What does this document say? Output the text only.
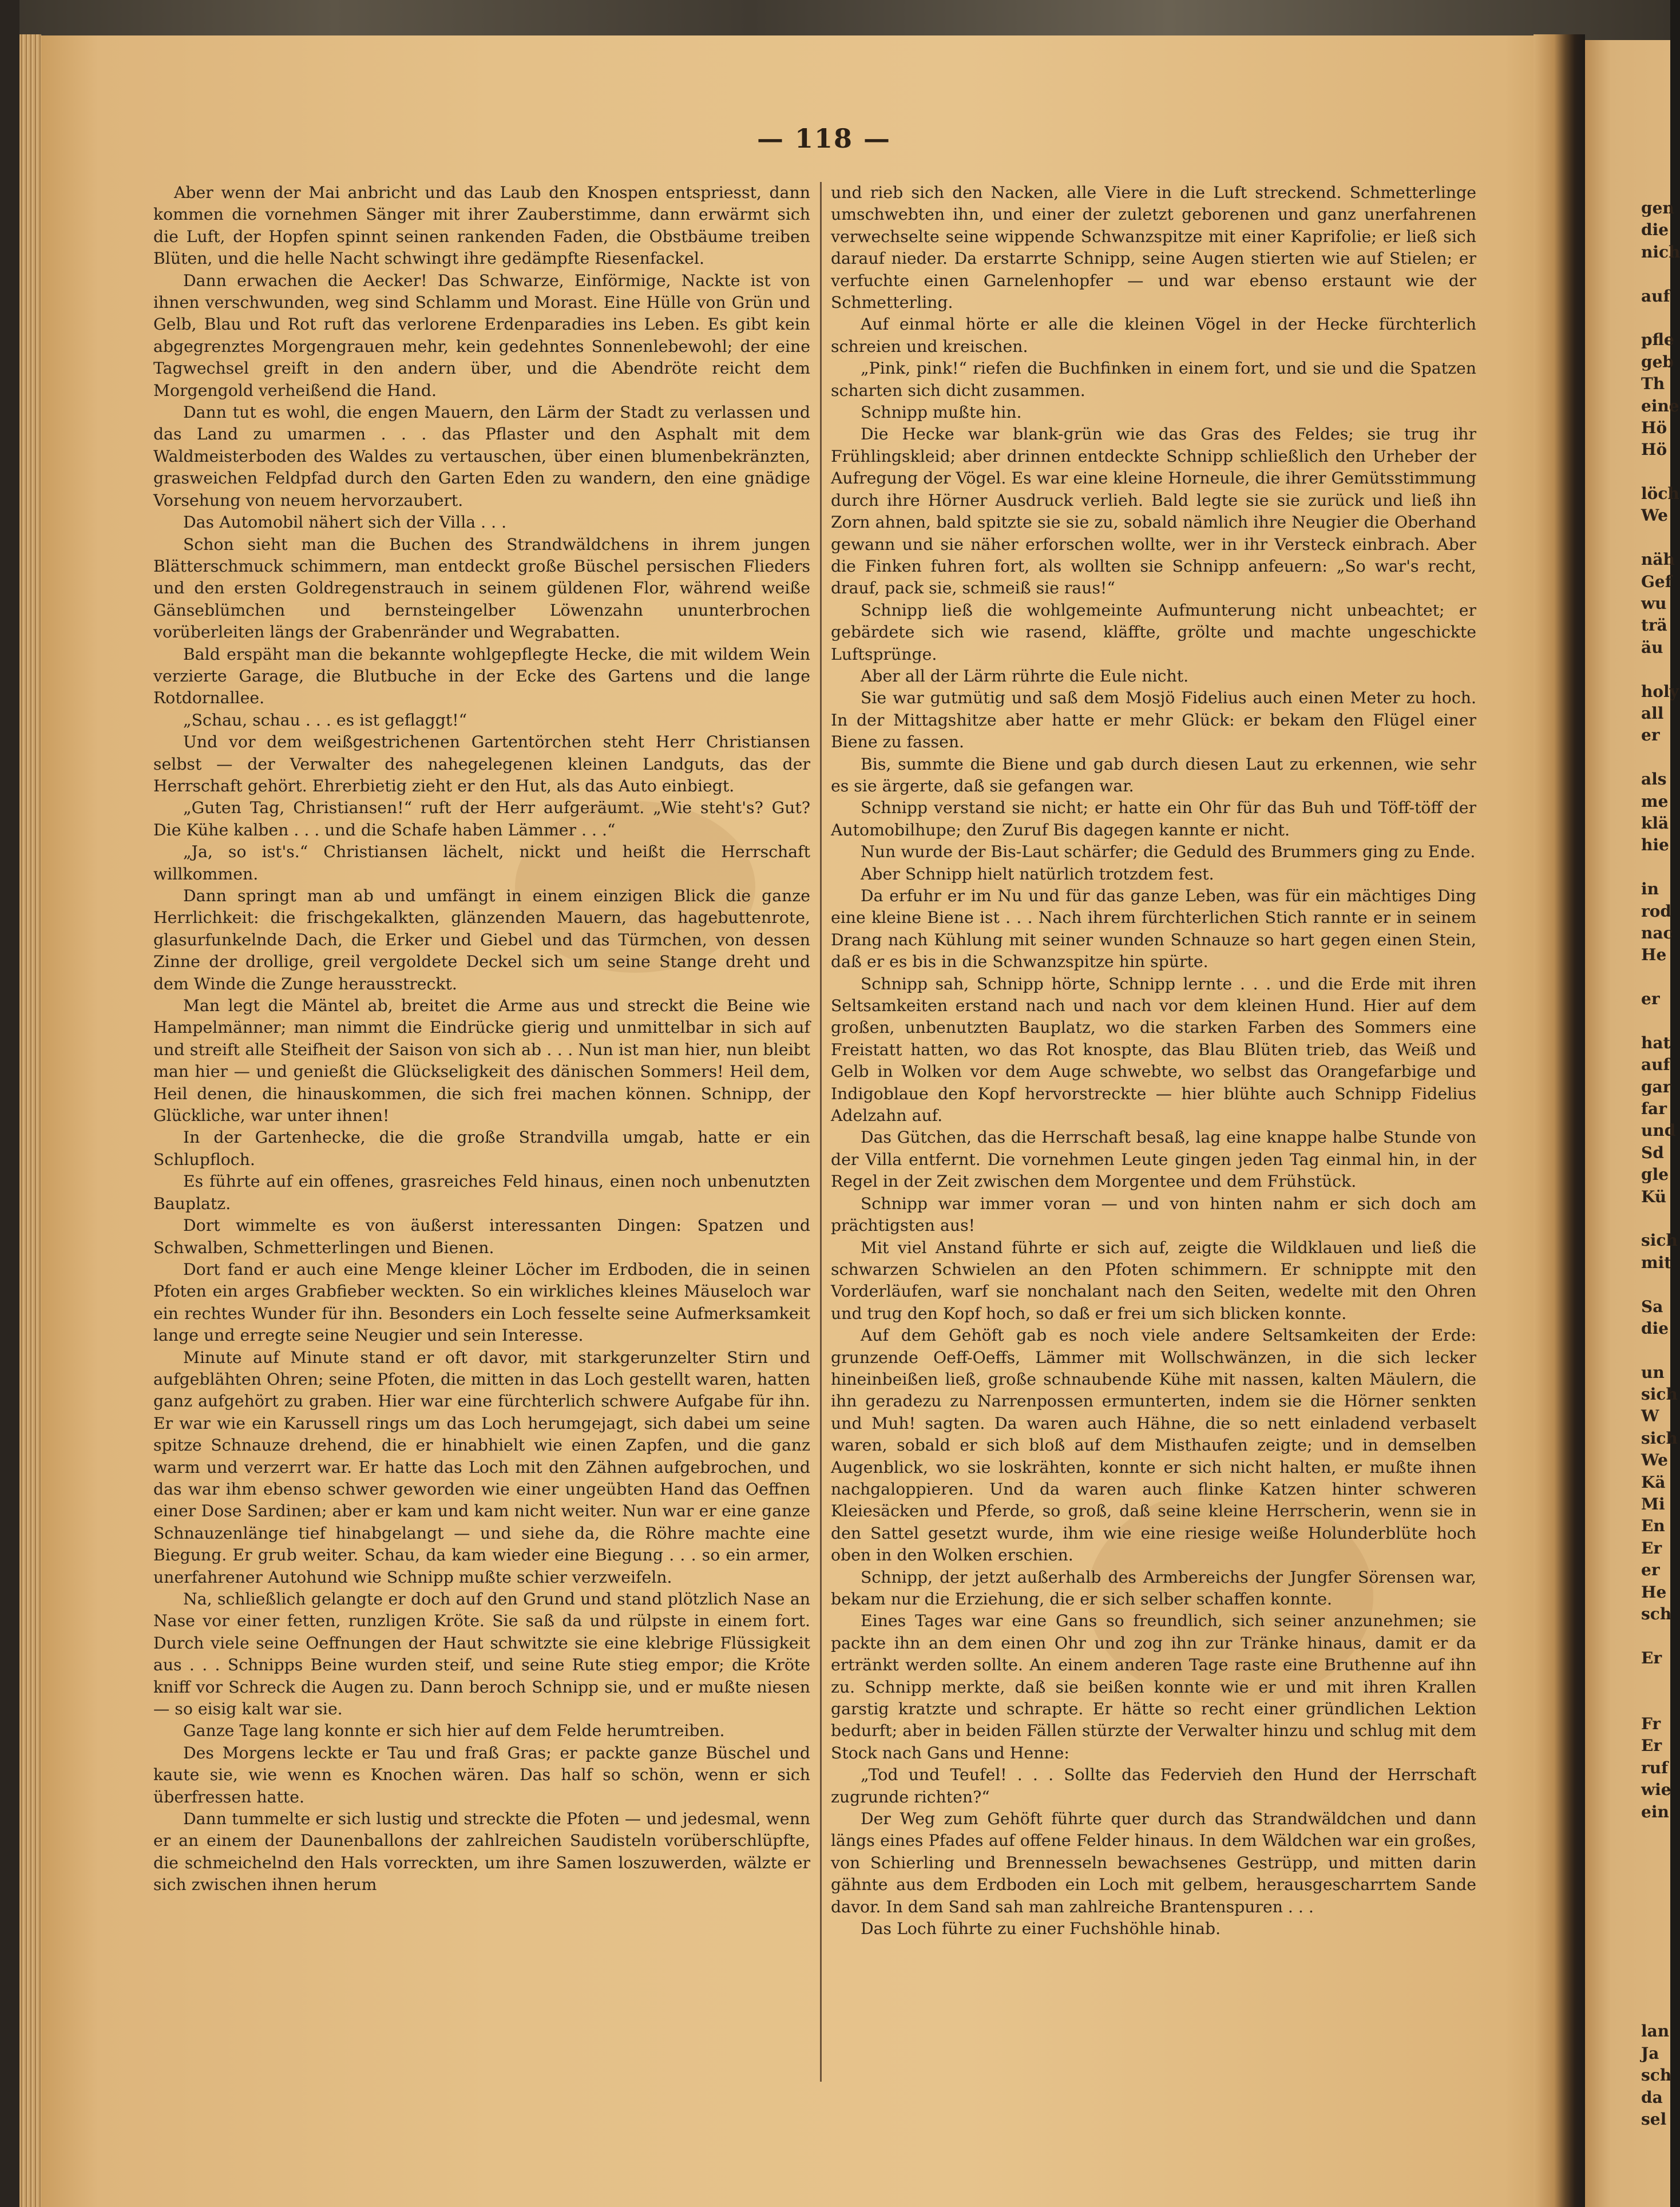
— 118 —

Aber wenn der Mai anbricht und das Laub den Knospen entspriesst, dann kommen die vornehmen Sänger mit ihrer Zauberstimme, dann erwärmt sich die Luft, der Hopfen spinnt seinen rankenden Faden, die Obstbäume treiben Blüten, und die helle Nacht schwingt ihre gedämpfte Riesenfackel.

Dann erwachen die Aecker! Das Schwarze, Einförmige, Nackte ist von ihnen verschwunden, weg sind Schlamm und Morast. Eine Hülle von Grün und Gelb, Blau und Rot ruft das verlorene Erdenparadies ins Leben. Es gibt kein abgegrenztes Morgengrauen mehr, kein gedehntes Sonnenlebewohl; der eine Tagwechsel greift in den andern über, und die Abendröte reicht dem Morgengold verheißend die Hand.

Dann tut es wohl, die engen Mauern, den Lärm der Stadt zu verlassen und das Land zu umarmen . . . das Pflaster und den Asphalt mit dem Waldmeisterboden des Waldes zu vertauschen, über einen blumenbekränzten, grasweichen Feldpfad durch den Garten Eden zu wandern, den eine gnädige Vorsehung von neuem hervorzaubert.

Das Automobil nähert sich der Villa . . .

Schon sieht man die Buchen des Strandwäldchens in ihrem jungen Blätterschmuck schimmern, man entdeckt große Büschel persischen Flieders und den ersten Goldregenstrauch in seinem güldenen Flor, während weiße Gänseblümchen und bernsteingelber Löwenzahn ununterbrochen vorüberleiten längs der Grabenränder und Wegrabatten.

Bald erspäht man die bekannte wohlgepflegte Hecke, die mit wildem Wein verzierte Garage, die Blutbuche in der Ecke des Gartens und die lange Rotdornallee.

„Schau, schau . . . es ist geflaggt!“

Und vor dem weißgestrichenen Gartentörchen steht Herr Christiansen selbst — der Verwalter des nahegelegenen kleinen Landguts, das der Herrschaft gehört. Ehrerbietig zieht er den Hut, als das Auto einbiegt.

„Guten Tag, Christiansen!“ ruft der Herr aufgeräumt. „Wie steht's? Gut? Die Kühe kalben . . . und die Schafe haben Lämmer . . .“

„Ja, so ist's.“ Christiansen lächelt, nickt und heißt die Herrschaft willkommen.

Dann springt man ab und umfängt in einem einzigen Blick die ganze Herrlichkeit: die frischgekalkten, glänzenden Mauern, das hagebuttenrote, glasurfunkelnde Dach, die Erker und Giebel und das Türmchen, von dessen Zinne der drollige, greil vergoldete Deckel sich um seine Stange dreht und dem Winde die Zunge herausstreckt.

Man legt die Mäntel ab, breitet die Arme aus und streckt die Beine wie Hampelmänner; man nimmt die Eindrücke gierig und unmittelbar in sich auf und streift alle Steifheit der Saison von sich ab . . . Nun ist man hier, nun bleibt man hier — und genießt die Glückseligkeit des dänischen Sommers! Heil dem, Heil denen, die hinauskommen, die sich frei machen können. Schnipp, der Glückliche, war unter ihnen!

In der Gartenhecke, die die große Strandvilla umgab, hatte er ein Schlupfloch.

Es führte auf ein offenes, grasreiches Feld hinaus, einen noch unbenutzten Bauplatz.

Dort wimmelte es von äußerst interessanten Dingen: Spatzen und Schwalben, Schmetterlingen und Bienen.

Dort fand er auch eine Menge kleiner Löcher im Erdboden, die in seinen Pfoten ein arges Grabfieber weckten. So ein wirkliches kleines Mäuseloch war ein rechtes Wunder für ihn. Besonders ein Loch fesselte seine Aufmerksamkeit lange und erregte seine Neugier und sein Interesse.

Minute auf Minute stand er oft davor, mit starkgerunzelter Stirn und aufgeblähten Ohren; seine Pfoten, die mitten in das Loch gestellt waren, hatten ganz aufgehört zu graben. Hier war eine fürchterlich schwere Aufgabe für ihn. Er war wie ein Karussell rings um das Loch herumgejagt, sich dabei um seine spitze Schnauze drehend, die er hinabhielt wie einen Zapfen, und die ganz warm und verzerrt war. Er hatte das Loch mit den Zähnen aufgebrochen, und das war ihm ebenso schwer geworden wie einer ungeübten Hand das Oeffnen einer Dose Sardinen; aber er kam und kam nicht weiter. Nun war er eine ganze Schnauzenlänge tief hinabgelangt — und siehe da, die Röhre machte eine Biegung. Er grub weiter. Schau, da kam wieder eine Biegung . . . so ein armer, unerfahrener Autohund wie Schnipp mußte schier verzweifeln.

Na, schließlich gelangte er doch auf den Grund und stand plötzlich Nase an Nase vor einer fetten, runzligen Kröte. Sie saß da und rülpste in einem fort. Durch viele seine Oeffnungen der Haut schwitzte sie eine klebrige Flüssigkeit aus . . . Schnipps Beine wurden steif, und seine Rute stieg empor; die Kröte kniff vor Schreck die Augen zu. Dann beroch Schnipp sie, und er mußte niesen — so eisig kalt war sie.

Ganze Tage lang konnte er sich hier auf dem Felde herumtreiben.

Des Morgens leckte er Tau und fraß Gras; er packte ganze Büschel und kaute sie, wie wenn es Knochen wären. Das half so schön, wenn er sich überfressen hatte.

Dann tummelte er sich lustig und streckte die Pfoten — und jedesmal, wenn er an einem der Daunenballons der zahlreichen Saudisteln vorüberschlüpfte, die schmeichelnd den Hals vorreckten, um ihre Samen loszuwerden, wälzte er sich zwischen ihnen herum

und rieb sich den Nacken, alle Viere in die Luft streckend. Schmetterlinge umschwebten ihn, und einer der zuletzt geborenen und ganz unerfahrenen verwechselte seine wippende Schwanzspitze mit einer Kaprifolie; er ließ sich darauf nieder. Da erstarrte Schnipp, seine Augen stierten wie auf Stielen; er verfuchte einen Garnelenhopfer — und war ebenso erstaunt wie der Schmetterling.

Auf einmal hörte er alle die kleinen Vögel in der Hecke fürchterlich schreien und kreischen.

„Pink, pink!“ riefen die Buchfinken in einem fort, und sie und die Spatzen scharten sich dicht zusammen.

Schnipp mußte hin.

Die Hecke war blank-grün wie das Gras des Feldes; sie trug ihr Frühlingskleid; aber drinnen entdeckte Schnipp schließlich den Urheber der Aufregung der Vögel. Es war eine kleine Horneule, die ihrer Gemütsstimmung durch ihre Hörner Ausdruck verlieh. Bald legte sie sie zurück und ließ ihn Zorn ahnen, bald spitzte sie sie zu, sobald nämlich ihre Neugier die Oberhand gewann und sie näher erforschen wollte, wer in ihr Versteck einbrach. Aber die Finken fuhren fort, als wollten sie Schnipp anfeuern: „So war's recht, drauf, pack sie, schmeiß sie raus!“

Schnipp ließ die wohlgemeinte Aufmunterung nicht unbeachtet; er gebärdete sich wie rasend, kläffte, grölte und machte ungeschickte Luftsprünge.

Aber all der Lärm rührte die Eule nicht.

Sie war gutmütig und saß dem Mosjö Fidelius auch einen Meter zu hoch. In der Mittagshitze aber hatte er mehr Glück: er bekam den Flügel einer Biene zu fassen.

Bis, summte die Biene und gab durch diesen Laut zu erkennen, wie sehr es sie ärgerte, daß sie gefangen war.

Schnipp verstand sie nicht; er hatte ein Ohr für das Buh und Töff-töff der Automobilhupe; den Zuruf Bis dagegen kannte er nicht.

Nun wurde der Bis-Laut schärfer; die Geduld des Brummers ging zu Ende.

Aber Schnipp hielt natürlich trotzdem fest.

Da erfuhr er im Nu und für das ganze Leben, was für ein mächtiges Ding eine kleine Biene ist . . . Nach ihrem fürchterlichen Stich rannte er in seinem Drang nach Kühlung mit seiner wunden Schnauze so hart gegen einen Stein, daß er es bis in die Schwanzspitze hin spürte.

Schnipp sah, Schnipp hörte, Schnipp lernte . . . und die Erde mit ihren Seltsamkeiten erstand nach und nach vor dem kleinen Hund. Hier auf dem großen, unbenutzten Bauplatz, wo die starken Farben des Sommers eine Freistatt hatten, wo das Rot knospte, das Blau Blüten trieb, das Weiß und Gelb in Wolken vor dem Auge schwebte, wo selbst das Orangefarbige und Indigoblaue den Kopf hervorstreckte — hier blühte auch Schnipp Fidelius Adelzahn auf.

Das Gütchen, das die Herrschaft besaß, lag eine knappe halbe Stunde von der Villa entfernt. Die vornehmen Leute gingen jeden Tag einmal hin, in der Regel in der Zeit zwischen dem Morgentee und dem Frühstück.

Schnipp war immer voran — und von hinten nahm er sich doch am prächtigsten aus!

Mit viel Anstand führte er sich auf, zeigte die Wildklauen und ließ die schwarzen Schwielen an den Pfoten schimmern. Er schnippte mit den Vorderläufen, warf sie nonchalant nach den Seiten, wedelte mit den Ohren und trug den Kopf hoch, so daß er frei um sich blicken konnte.

Auf dem Gehöft gab es noch viele andere Seltsamkeiten der Erde: grunzende Oeff-Oeffs, Lämmer mit Wollschwänzen, in die sich lecker hineinbeißen ließ, große schnaubende Kühe mit nassen, kalten Mäulern, die ihn geradezu zu Narrenpossen ermunterten, indem sie die Hörner senkten und Muh! sagten. Da waren auch Hähne, die so nett einladend verbaselt waren, sobald er sich bloß auf dem Misthaufen zeigte; und in demselben Augenblick, wo sie loskrähten, konnte er sich nicht halten, er mußte ihnen nachgaloppieren. Und da waren auch flinke Katzen hinter schweren Kleiesäcken und Pferde, so groß, daß seine kleine Herrscherin, wenn sie in den Sattel gesetzt wurde, ihm wie eine riesige weiße Holunderblüte hoch oben in den Wolken erschien.

Schnipp, der jetzt außerhalb des Armbereichs der Jungfer Sörensen war, bekam nur die Erziehung, die er sich selber schaffen konnte.

Eines Tages war eine Gans so freundlich, sich seiner anzunehmen; sie packte ihn an dem einen Ohr und zog ihn zur Tränke hinaus, damit er da ertränkt werden sollte. An einem anderen Tage raste eine Bruthenne auf ihn zu. Schnipp merkte, daß sie beißen konnte wie er und mit ihren Krallen garstig kratzte und schrapte. Er hätte so recht einer gründlichen Lektion bedurft; aber in beiden Fällen stürzte der Verwalter hinzu und schlug mit dem Stock nach Gans und Henne:

„Tod und Teufel! . . . Sollte das Federvieh den Hund der Herrschaft zugrunde richten?“

Der Weg zum Gehöft führte quer durch das Strandwäldchen und dann längs eines Pfades auf offene Felder hinaus. In dem Wäldchen war ein großes, von Schierling und Brennesseln bewachsenes Gestrüpp, und mitten darin gähnte aus dem Erdboden ein Loch mit gelbem, herausgescharrtem Sande davor. In dem Sand sah man zahlreiche Brantenspuren . . .

Das Loch führte zu einer Fuchshöhle hinab.

gen
die
nich
auf
pfle
geb
Th
eine
Hö
Hö
löch
We
näh
Gef
wu
trä
äu
holy
all
er
als
me
klä
hie
in
rod
nac
He
er
hat
auf
gar
far
und
Sd
gle
Kü
sich
mit
Sa
die
un
sich
W
sich
We
Kä
Mi
En
Er
er
He
sch
Er
Fr
Er
ruf
wie
ein
lan
Ja
sch
da
sel
